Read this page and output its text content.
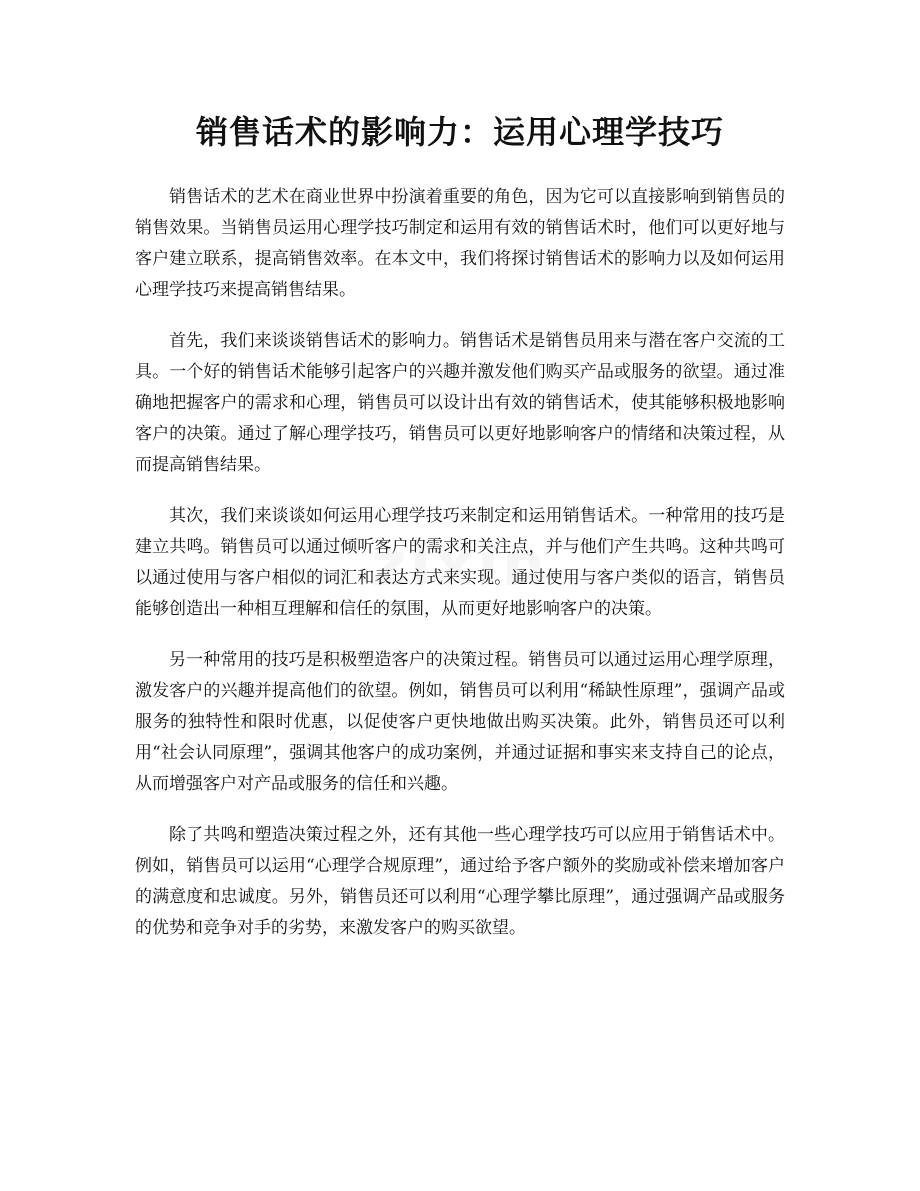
销售话术的影响力：运用心理学技巧
zixin

销售话术的艺术在商业世界中扮演着重要的角色，因为它可以直接影响到销售员的销售效果。当销售员运用心理学技巧制定和运用有效的销售话术时，他们可以更好地与客户建立联系，提高销售效率。在本文中，我们将探讨销售话术的影响力以及如何运用心理学技巧来提高销售结果。

首先，我们来谈谈销售话术的影响力。销售话术是销售员用来与潜在客户交流的工具。一个好的销售话术能够引起客户的兴趣并激发他们购买产品或服务的欲望。通过准确地把握客户的需求和心理，销售员可以设计出有效的销售话术，使其能够积极地影响客户的决策。通过了解心理学技巧，销售员可以更好地影响客户的情绪和决策过程，从而提高销售结果。

其次，我们来谈谈如何运用心理学技巧来制定和运用销售话术。一种常用的技巧是建立共鸣。销售员可以通过倾听客户的需求和关注点，并与他们产生共鸣。这种共鸣可以通过使用与客户相似的词汇和表达方式来实现。通过使用与客户类似的语言，销售员能够创造出一种相互理解和信任的氛围，从而更好地影响客户的决策。

另一种常用的技巧是积极塑造客户的决策过程。销售员可以通过运用心理学原理，激发客户的兴趣并提高他们的欲望。例如，销售员可以利用“稀缺性原理”，强调产品或服务的独特性和限时优惠，以促使客户更快地做出购买决策。此外，销售员还可以利用“社会认同原理”，强调其他客户的成功案例，并通过证据和事实来支持自己的论点，从而增强客户对产品或服务的信任和兴趣。

除了共鸣和塑造决策过程之外，还有其他一些心理学技巧可以应用于销售话术中。例如，销售员可以运用“心理学合规原理”，通过给予客户额外的奖励或补偿来增加客户的满意度和忠诚度。另外，销售员还可以利用“心理学攀比原理”，通过强调产品或服务的优势和竞争对手的劣势，来激发客户的购买欲望。
